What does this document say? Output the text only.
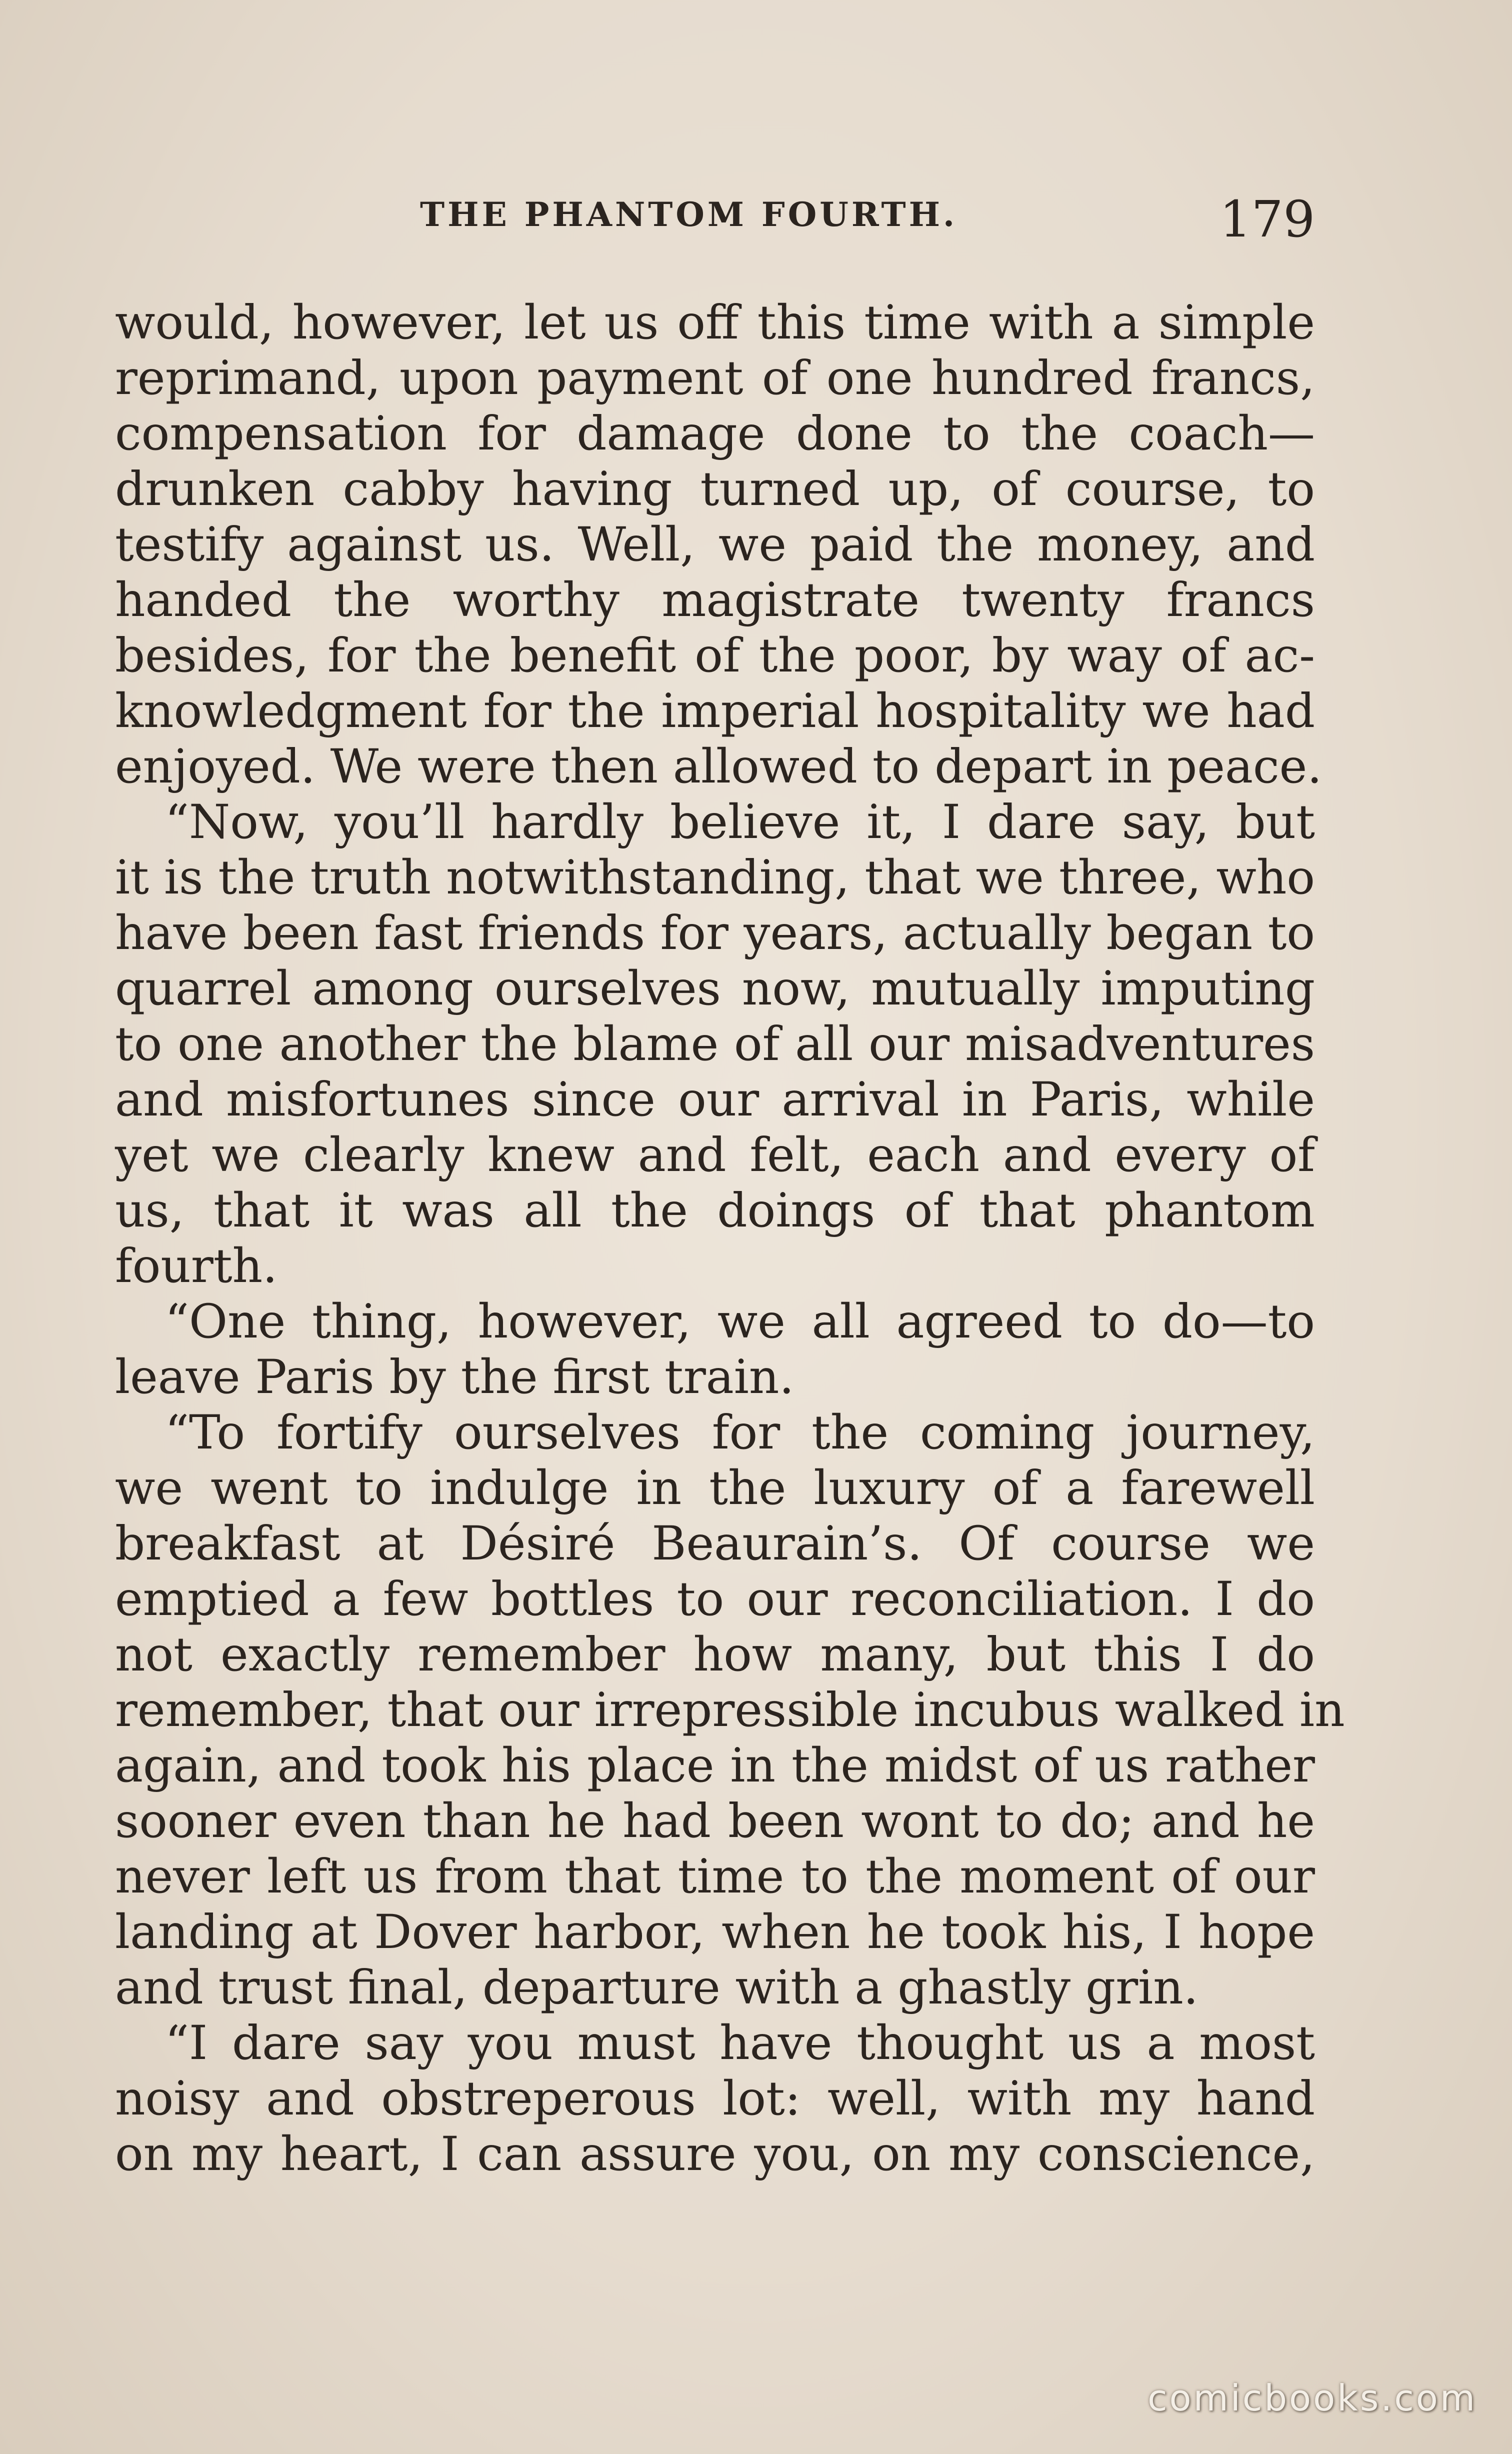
THE PHANTOM FOURTH.	179
would, however, let us off this time with a simple
reprimand, upon payment of one hundred francs,
compensation for damage done to the coach—
drunken cabby having turned up, of course, to
testify against us. Well, we paid the money, and
handed the worthy magistrate twenty francs
besides, for the benefit of the poor, by way of ac-
knowledgment for the imperial hospitality we had
enjoyed. We were then allowed to depart in peace.
“Now, you’ll hardly believe it, I dare say, but
it is the truth notwithstanding, that we three, who
have been fast friends for years, actually began to
quarrel among ourselves now, mutually imputing
to one another the blame of all our misadventures
and misfortunes since our arrival in Paris, while
yet we clearly knew and felt, each and every of
us, that it was all the doings of that phantom
fourth.
“One thing, however, we all agreed to do—to
leave Paris by the first train.
“To fortify ourselves for the coming journey,
we went to indulge in the luxury of a farewell
breakfast at Désiré Beaurain’s. Of course we
emptied a few bottles to our reconciliation. I do
not exactly remember how many, but this I do
remember, that our irrepressible incubus walked in
again, and took his place in the midst of us rather
sooner even than he had been wont to do; and he
never left us from that time to the moment of our
landing at Dover harbor, when he took his, I hope
and trust final, departure with a ghastly grin.
“I dare say you must have thought us a most
noisy and obstreperous lot: well, with my hand
on my heart, I can assure you, on my conscience,
comicbooks.com
